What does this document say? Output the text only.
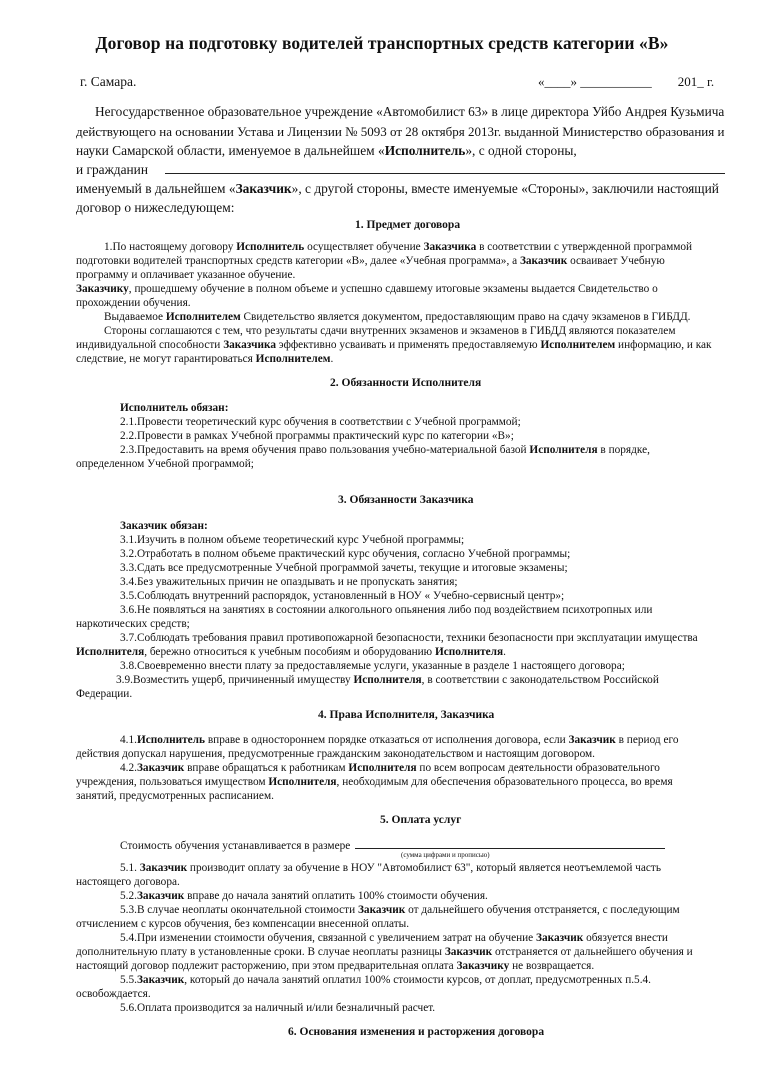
Договор на подготовку водителей транспортных средств категории «В»
г. Самара.	«____» ___________        201_ г.
Негосударственное образовательное учреждение «Автомобилист 63» в лице директора Уйбо Андрея Кузьмича
действующего на основании Устава и Лицензии № 5093 от 28 октября 2013г. выданной Министерство образования и
науки Самарской области, именуемое в дальнейшем «Исполнитель», с одной стороны,
и гражданин
именуемый в дальнейшем «Заказчик», с другой стороны, вместе именуемые «Стороны», заключили настоящий
договор о нижеследующем:
1. Предмет договора
1.По настоящему договору Исполнитель осуществляет обучение Заказчика в соответствии с утвержденной программой
подготовки водителей транспортных средств категории «В», далее «Учебная программа», а Заказчик осваивает Учебную
программу и оплачивает указанное обучение.
Заказчику, прошедшему обучение в полном объеме и успешно сдавшему итоговые экзамены выдается Свидетельство о
прохождении обучения.
Выдаваемое Исполнителем Свидетельство является документом, предоставляющим право на сдачу экзаменов в ГИБДД.
Стороны соглашаются с тем, что результаты сдачи внутренних экзаменов и экзаменов в ГИБДД являются показателем
индивидуальной способности Заказчика эффективно усваивать и применять предоставляемую Исполнителем информацию, и как
следствие, не могут гарантироваться Исполнителем.
2. Обязанности Исполнителя
Исполнитель обязан:
2.1.Провести теоретический курс обучения в соответствии с Учебной программой;
2.2.Провести в рамках Учебной программы практический курс по категории «В»;
2.3.Предоставить на время обучения право пользования учебно-материальной базой Исполнителя в порядке,
определенном Учебной программой;
3. Обязанности Заказчика
Заказчик обязан:
3.1.Изучить в полном объеме теоретический курс Учебной программы;
3.2.Отработать в полном объеме практический курс обучения, согласно Учебной программы;
3.3.Сдать все предусмотренные Учебной программой зачеты, текущие и итоговые экзамены;
3.4.Без уважительных причин не опаздывать и не пропускать занятия;
3.5.Соблюдать внутренний распорядок, установленный в НОУ « Учебно-сервисный центр»;
3.6.Не появляться на занятиях в состоянии алкогольного опьянения либо под воздействием психотропных или
наркотических средств;
3.7.Соблюдать требования правил противопожарной безопасности, техники безопасности при эксплуатации имущества
Исполнителя, бережно относиться к учебным пособиям и оборудованию Исполнителя.
3.8.Своевременно внести плату за предоставляемые услуги, указанные в разделе 1 настоящего договора;
3.9.Возместить ущерб, причиненный имуществу Исполнителя, в соответствии с законодательством Российской
Федерации.
4. Права Исполнителя, Заказчика
4.1.Исполнитель вправе в одностороннем порядке отказаться от исполнения договора, если Заказчик в период его
действия допускал нарушения, предусмотренные гражданским законодательством и настоящим договором.
4.2.Заказчик вправе обращаться к работникам Исполнителя по всем вопросам деятельности образовательного
учреждения, пользоваться имуществом Исполнителя, необходимым для обеспечения образовательного процесса, во время
занятий, предусмотренных расписанием.
5. Оплата услуг
Стоимость обучения устанавливается в размере
(сумма цифрами и прописью)
5.1. Заказчик производит оплату за обучение в НОУ "Автомобилист 63", который является неотъемлемой часть
настоящего договора.
5.2.Заказчик вправе до начала занятий оплатить 100% стоимости обучения.
5.3.В случае неоплаты окончательной стоимости Заказчик от дальнейшего обучения отстраняется, с последующим
отчислением с курсов обучения, без компенсации внесенной оплаты.
5.4.При изменении стоимости обучения, связанной с увеличением затрат на обучение Заказчик обязуется внести
дополнительную плату в установленные сроки. В случае неоплаты разницы Заказчик отстраняется от дальнейшего обучения и
настоящий договор подлежит расторжению, при этом предварительная оплата Заказчику не возвращается.
5.5.Заказчик, который до начала занятий оплатил 100% стоимости курсов, от доплат, предусмотренных п.5.4.
освобождается.
5.6.Оплата производится за наличный и/или безналичный расчет.
6. Основания изменения и расторжения договора
